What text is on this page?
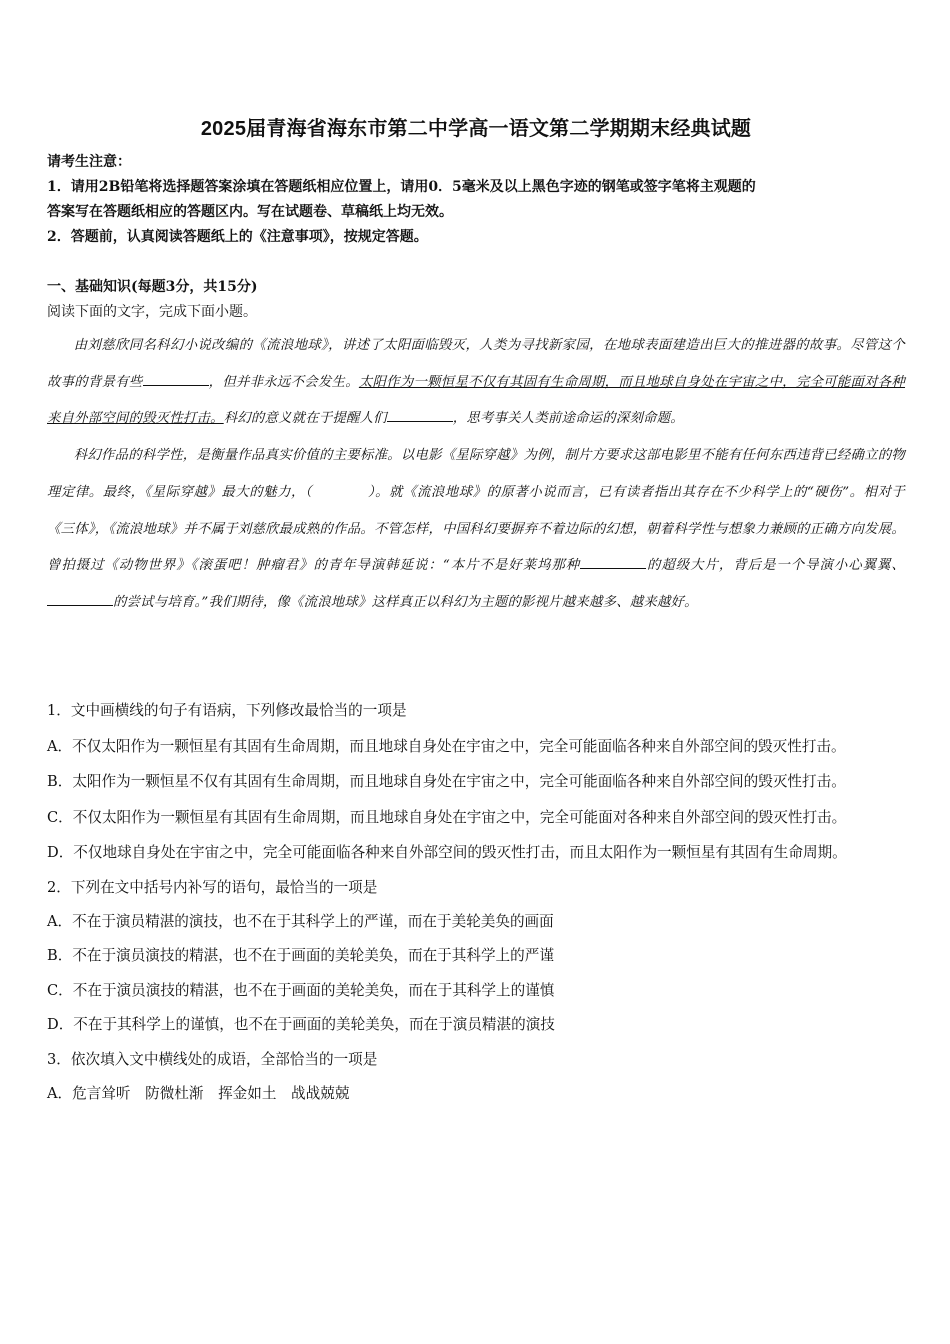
2025届青海省海东市第二中学高一语文第二学期期末经典试题
请考生注意：
1．请用2B铅笔将选择题答案涂填在答题纸相应位置上，请用0．5毫米及以上黑色字迹的钢笔或签字笔将主观题的
答案写在答题纸相应的答题区内。写在试题卷、草稿纸上均无效。
2．答题前，认真阅读答题纸上的《注意事项》，按规定答题。
一、基础知识(每题3分，共15分)
阅读下面的文字，完成下面小题。

由刘慈欣同名科幻小说改编的《流浪地球》，讲述了太阳面临毁灭，人类为寻找新家园，在地球表面建造出巨大的推进器的故事。尽管这个故事的背景有些	，但并非永远不会发生。太阳作为一颗恒星不仅有其固有生命周期，而且地球自身处在宇宙之中，完全可能面对各种来自外部空间的毁灭性打击。科幻的意义就在于提醒人们	，思考事关人类前途命运的深刻命题。

科幻作品的科学性，是衡量作品真实价值的主要标准。以电影《星际穿越》为例，制片方要求这部电影里不能有任何东西违背已经确立的物理定律。最终，《星际穿越》最大的魅力，（　　　　）。就《流浪地球》的原著小说而言，已有读者指出其存在不少科学上的“硬伤”。相对于《三体》，《流浪地球》并不属于刘慈欣最成熟的作品。不管怎样，中国科幻要摒弃不着边际的幻想，朝着科学性与想象力兼顾的正确方向发展。曾拍摄过《动物世界》《滚蛋吧！肿瘤君》的青年导演韩延说：“本片不是好莱坞那种	的超级大片，背后是一个导演小心翼翼、的尝试与培育。”我们期待，像《流浪地球》这样真正以科幻为主题的影视片越来越多、越来越好。

1．文中画横线的句子有语病，下列修改最恰当的一项是

A．不仅太阳作为一颗恒星有其固有生命周期，而且地球自身处在宇宙之中，完全可能面临各种来自外部空间的毁灭性打击。

B．太阳作为一颗恒星不仅有其固有生命周期，而且地球自身处在宇宙之中，完全可能面临各种来自外部空间的毁灭性打击。

C．不仅太阳作为一颗恒星有其固有生命周期，而且地球自身处在宇宙之中，完全可能面对各种来自外部空间的毁灭性打击。

D．不仅地球自身处在宇宙之中，完全可能面临各种来自外部空间的毁灭性打击，而且太阳作为一颗恒星有其固有生命周期。

2．下列在文中括号内补写的语句，最恰当的一项是

A．不在于演员精湛的演技，也不在于其科学上的严谨，而在于美轮美奂的画面

B．不在于演员演技的精湛，也不在于画面的美轮美奂，而在于其科学上的严谨

C．不在于演员演技的精湛，也不在于画面的美轮美奂，而在于其科学上的谨慎

D．不在于其科学上的谨慎，也不在于画面的美轮美奂，而在于演员精湛的演技

3．依次填入文中横线处的成语，全部恰当的一项是

A．危言耸听　防微杜渐　挥金如土　战战兢兢
